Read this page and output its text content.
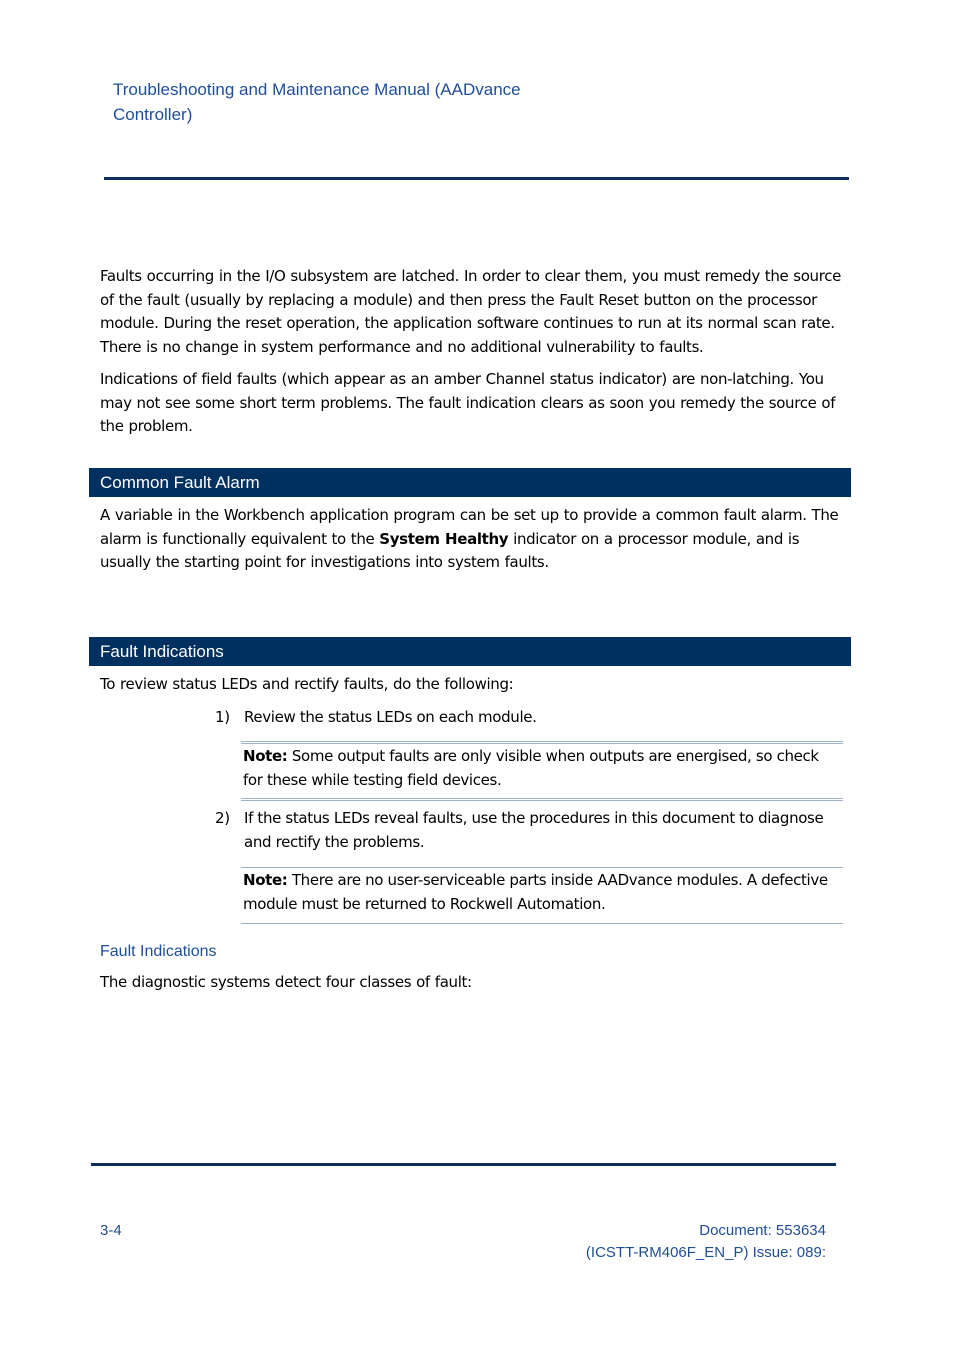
Troubleshooting and Maintenance Manual (AADvance
Controller)

Faults occurring in the I/O subsystem are latched. In order to clear them, you must remedy the source of the fault (usually by replacing a module) and then press the Fault Reset button on the processor module. During the reset operation, the application software continues to run at its normal scan rate. There is no change in system performance and no additional vulnerability to faults.

Indications of field faults (which appear as an amber Channel status indicator) are non-latching. You may not see some short term problems. The fault indication clears as soon you remedy the source of the problem.

Common Fault Alarm

A variable in the Workbench application program can be set up to provide a common fault alarm. The alarm is functionally equivalent to the System Healthy indicator on a processor module, and is usually the starting point for investigations into system faults.

Fault Indications

To review status LEDs and rectify faults, do the following:

1) Review the status LEDs on each module.
Note: Some output faults are only visible when outputs are energised, so check for these while testing field devices.
2) If the status LEDs reveal faults, use the procedures in this document to diagnose and rectify the problems.
Note: There are no user-serviceable parts inside AADvance modules. A defective module must be returned to Rockwell Automation.
Fault Indications

The diagnostic systems detect four classes of fault:

3-4	Document: 553634
(ICSTT-RM406F_EN_P) Issue: 089:
